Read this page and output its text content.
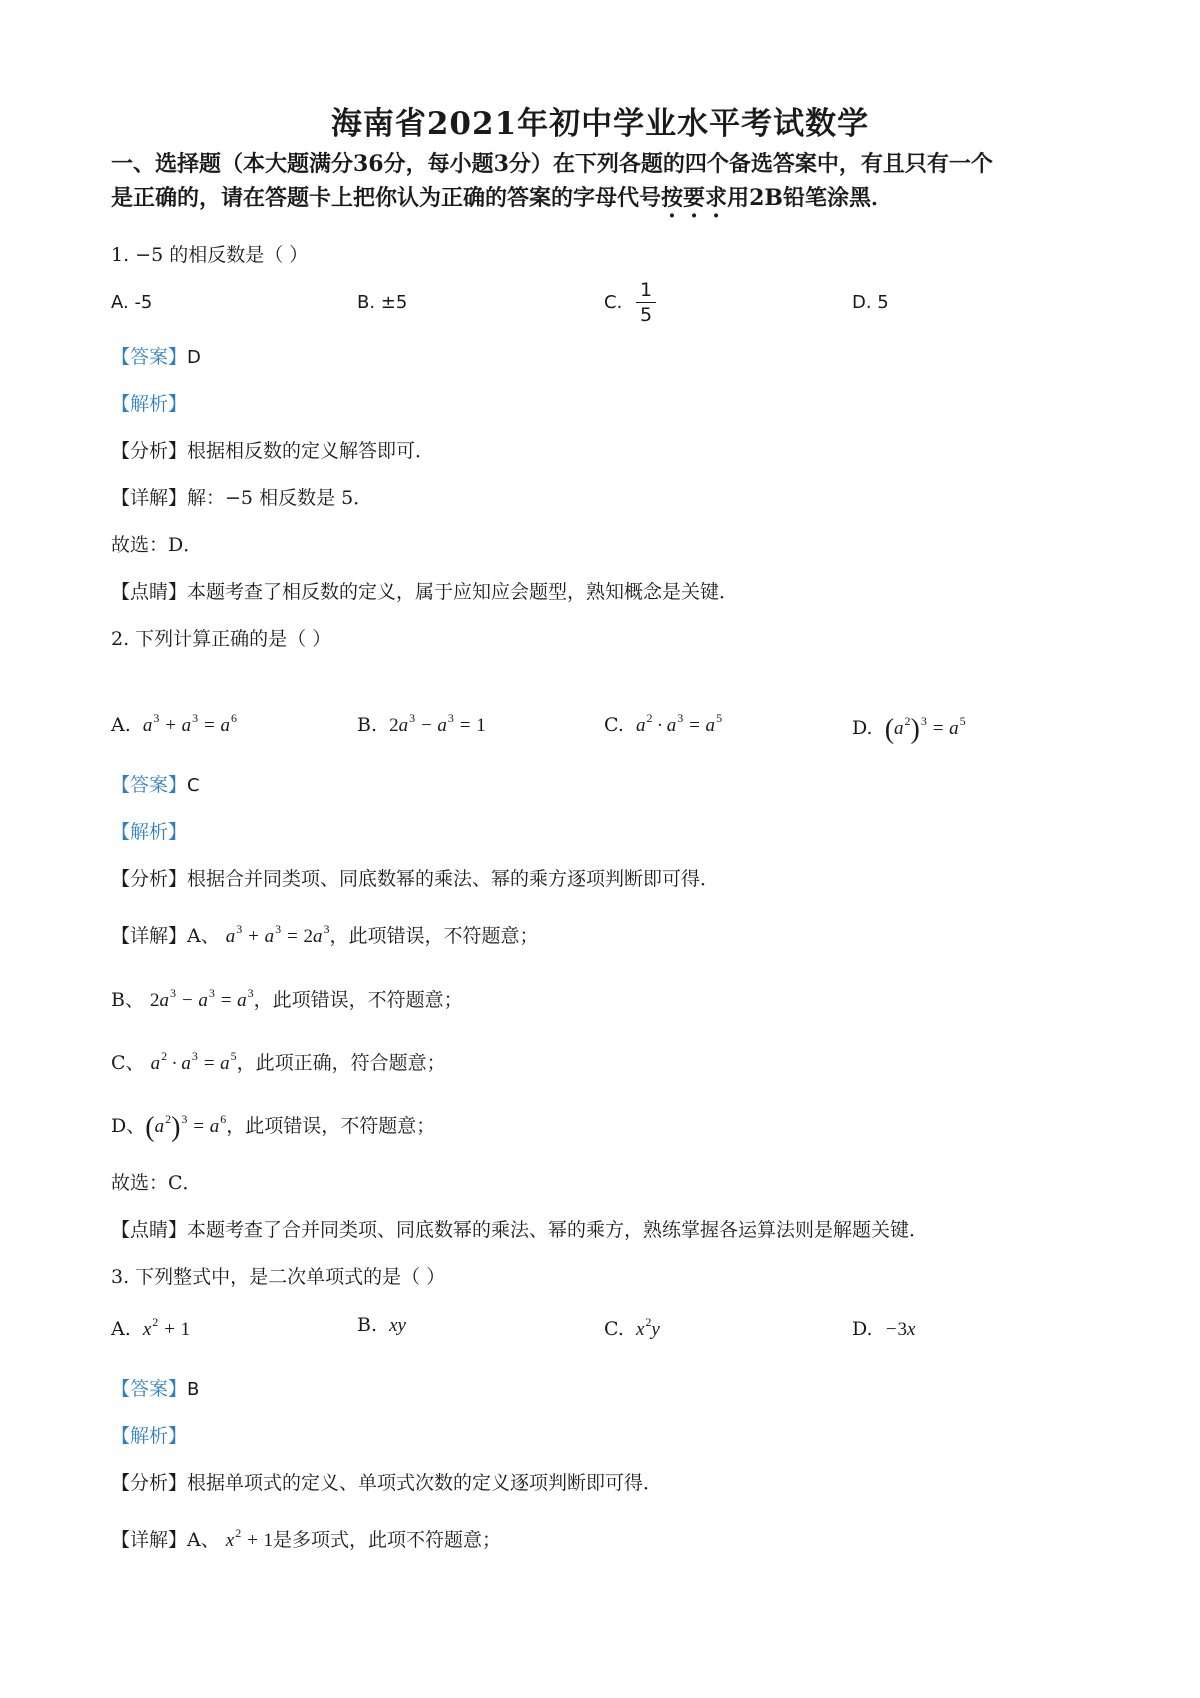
海南省2021年初中学业水平考试数学
一、选择题（本大题满分36分，每小题3分）在下列各题的四个备选答案中，有且只有一个
是正确的，请在答题卡上把你认为正确的答案的字母代号按要求用2B铅笔涂黑．
1. −5 的相反数是（ ）
A. -5	B. ±5	C. $\frac{1}{5}$	D. 5
【答案】D
【解析】
【分析】根据相反数的定义解答即可．
【详解】解：−5 相反数是 5．
故选：D．
【点睛】本题考查了相反数的定义，属于应知应会题型，熟知概念是关键．
2. 下列计算正确的是（ ）
A.  $a^3 + a^3 = a^6$	B.  $2a^3 - a^3 = 1$	C.  $a^2 \cdot a^3 = a^5$	D.  $(a^2)^3 = a^5$
【答案】C
【解析】
【分析】根据合并同类项、同底数幂的乘法、幂的乘方逐项判断即可得．
【详解】A、 $a^3 + a^3 = 2a^3$，此项错误，不符题意；
B、 $2a^3 - a^3 = a^3$，此项错误，不符题意；
C、 $a^2 \cdot a^3 = a^5$，此项正确，符合题意；
D、$(a^2)^3 = a^6$，此项错误，不符题意；
故选：C．
【点睛】本题考查了合并同类项、同底数幂的乘法、幂的乘方，熟练掌握各运算法则是解题关键．
3. 下列整式中，是二次单项式的是（ ）
A.  $x^2 + 1$	B.  xy	C.  $x^2y$	D.  −3x
【答案】B
【解析】
【分析】根据单项式的定义、单项式次数的定义逐项判断即可得．
【详解】A、 $x^2 + 1$是多项式，此项不符题意；
